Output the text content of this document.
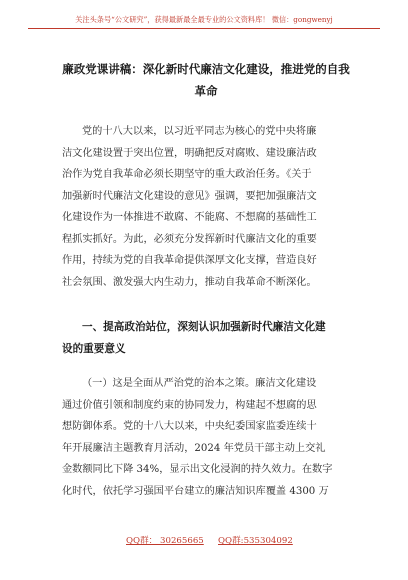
关注头条号“公文研究”，获得最新最全最专业的公文资料库！ 微信：gongwenyj
廉政党课讲稿：深化新时代廉洁文化建设，推进党的自我
革命
党的十八大以来，以习近平同志为核心的党中央将廉
洁文化建设置于突出位置，明确把反对腐败、建设廉洁政
治作为党自我革命必须长期坚守的重大政治任务。《关于
加强新时代廉洁文化建设的意见》强调，要把加强廉洁文
化建设作为一体推进不敢腐、不能腐、不想腐的基础性工
程抓实抓好。为此，必须充分发挥新时代廉洁文化的重要
作用，持续为党的自我革命提供深厚文化支撑，营造良好
社会氛围、激发强大内生动力，推动自我革命不断深化。
一、提高政治站位，深刻认识加强新时代廉洁文化建
设的重要意义
（一）这是全面从严治党的治本之策。廉洁文化建设
通过价值引领和制度约束的协同发力，构建起不想腐的思
想防御体系。党的十八大以来，中央纪委国家监委连续十
年开展廉洁主题教育月活动，2024 年党员干部主动上交礼
金数额同比下降 34%，显示出文化浸润的持久效力。在数字
化时代，依托学习强国平台建立的廉洁知识库覆盖 4300 万
QQ群： 30265665 QQ群:535304092
